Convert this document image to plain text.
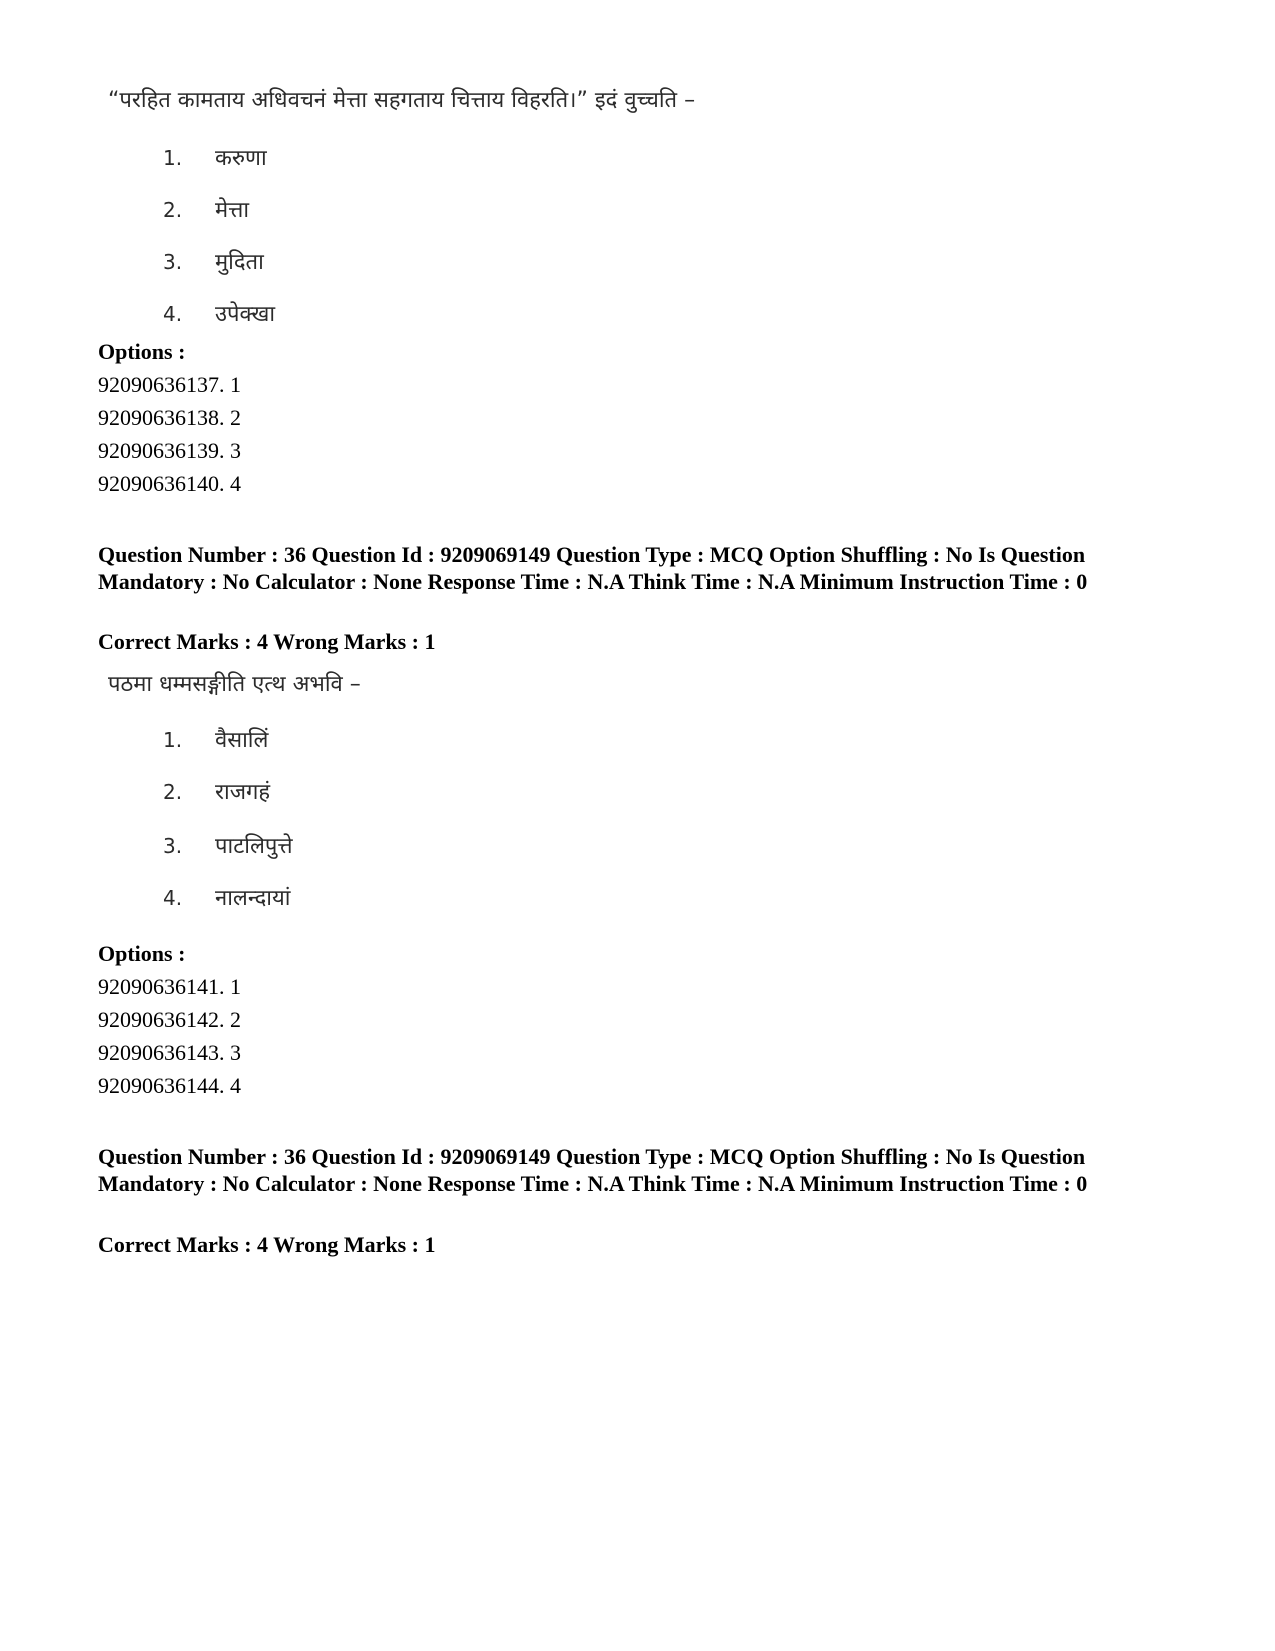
“परहित कामताय अधिवचनं मेत्ता सहगताय चित्ताय विहरति।” इदं वुच्चति –
1. करुणा
2. मेत्ता
3. मुदिता
4. उपेक्खा
Options :
92090636137. 1
92090636138. 2
92090636139. 3
92090636140. 4
Question Number : 36 Question Id : 9209069149 Question Type : MCQ Option Shuffling : No Is Question Mandatory : No Calculator : None Response Time : N.A Think Time : N.A Minimum Instruction Time : 0
Correct Marks : 4 Wrong Marks : 1
पठमा धम्मसङ्गीति एत्थ अभवि –
1. वैसालिं
2. राजगहं
3. पाटलिपुत्ते
4. नालन्दायां
Options :
92090636141. 1
92090636142. 2
92090636143. 3
92090636144. 4
Question Number : 36 Question Id : 9209069149 Question Type : MCQ Option Shuffling : No Is Question Mandatory : No Calculator : None Response Time : N.A Think Time : N.A Minimum Instruction Time : 0
Correct Marks : 4 Wrong Marks : 1
